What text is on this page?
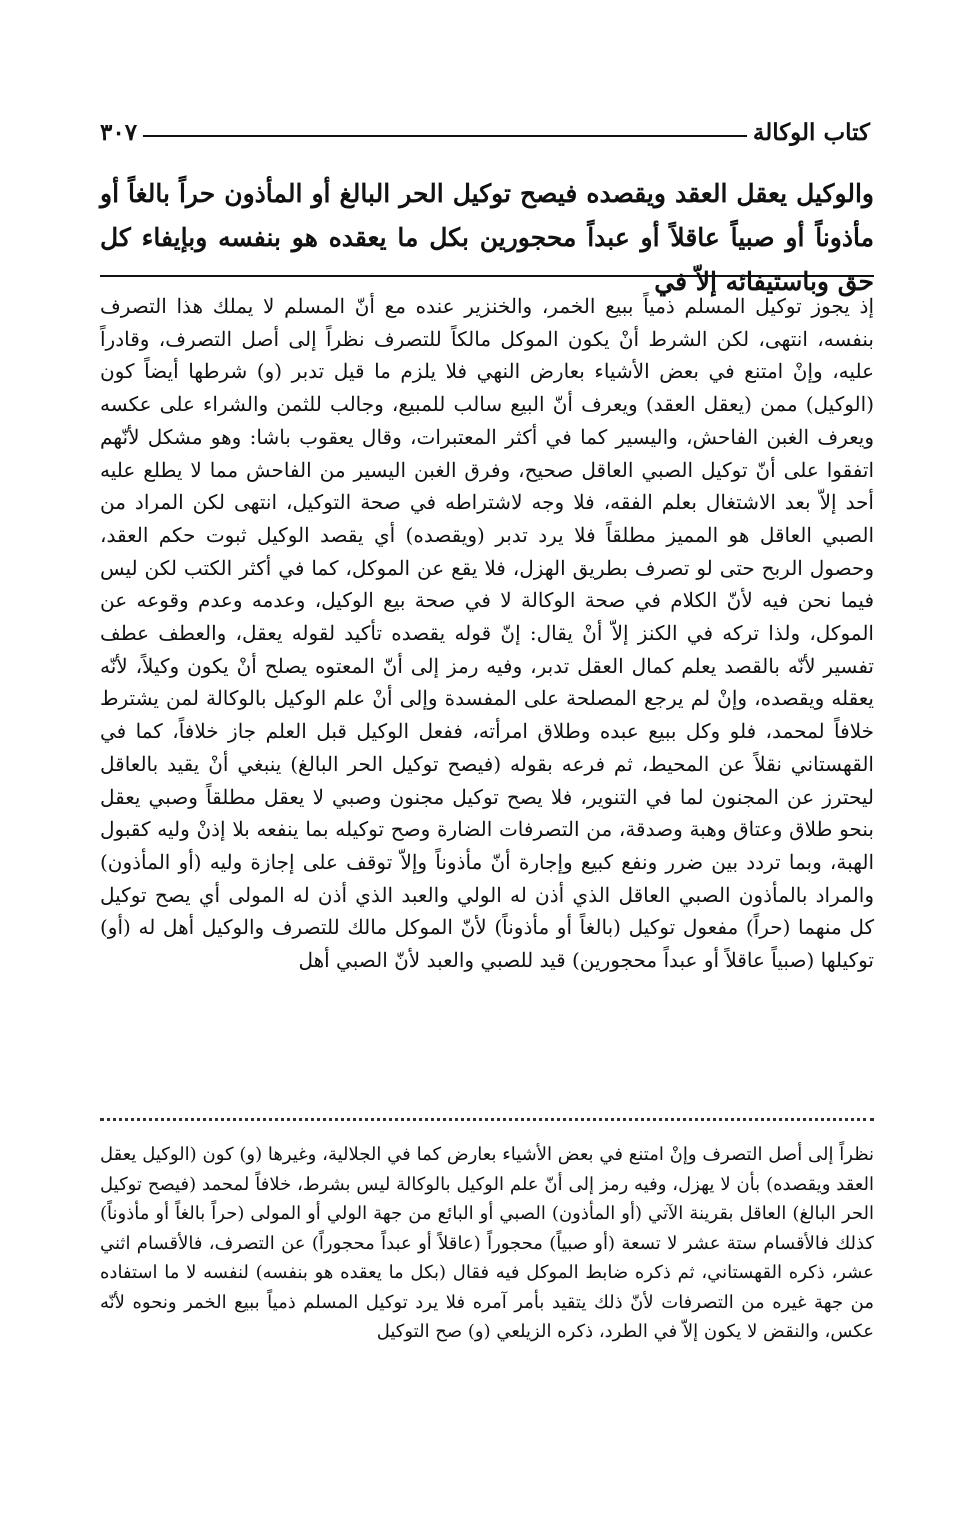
كتاب الوكالة
٣٠٧

والوكيل يعقل العقد ويقصده فيصح توكيل الحر البالغ أو المأذون حراً بالغاً أو مأذوناً أو صبياً عاقلاً أو عبداً محجورين بكل ما يعقده هو بنفسه وبإيفاء كل حق وباستيفائه إلاّ في

إذ يجوز توكيل المسلم ذمياً ببيع الخمر، والخنزير عنده مع أنّ المسلم لا يملك هذا التصرف بنفسه، انتهى، لكن الشرط أنْ يكون الموكل مالكاً للتصرف نظراً إلى أصل التصرف، وقادراً عليه، وإنْ امتنع في بعض الأشياء بعارض النهي فلا يلزم ما قيل تدبر (و) شرطها أيضاً كون (الوكيل) ممن (يعقل العقد) ويعرف أنّ البيع سالب للمبيع، وجالب للثمن والشراء على عكسه ويعرف الغبن الفاحش، واليسير كما في أكثر المعتبرات، وقال يعقوب باشا: وهو مشكل لأنّهم اتفقوا على أنّ توكيل الصبي العاقل صحيح، وفرق الغبن اليسير من الفاحش مما لا يطلع عليه أحد إلاّ بعد الاشتغال بعلم الفقه، فلا وجه لاشتراطه في صحة التوكيل، انتهى لكن المراد من الصبي العاقل هو المميز مطلقاً فلا يرد تدبر (ويقصده) أي يقصد الوكيل ثبوت حكم العقد، وحصول الربح حتى لو تصرف بطريق الهزل، فلا يقع عن الموكل، كما في أكثر الكتب لكن ليس فيما نحن فيه لأنّ الكلام في صحة الوكالة لا في صحة بيع الوكيل، وعدمه وعدم وقوعه عن الموكل، ولذا تركه في الكنز إلاّ أنْ يقال: إنّ قوله يقصده تأكيد لقوله يعقل، والعطف عطف تفسير لأنّه بالقصد يعلم كمال العقل تدبر، وفيه رمز إلى أنّ المعتوه يصلح أنْ يكون وكيلاً، لأنّه يعقله ويقصده، وإنْ لم يرجع المصلحة على المفسدة وإلى أنْ علم الوكيل بالوكالة لمن يشترط خلافاً لمحمد، فلو وكل ببيع عبده وطلاق امرأته، ففعل الوكيل قبل العلم جاز خلافاً، كما في القهستاني نقلاً عن المحيط، ثم فرعه بقوله (فيصح توكيل الحر البالغ) ينبغي أنْ يقيد بالعاقل ليحترز عن المجنون لما في التنوير، فلا يصح توكيل مجنون وصبي لا يعقل مطلقاً وصبي يعقل بنحو طلاق وعتاق وهبة وصدقة، من التصرفات الضارة وصح توكيله بما ينفعه بلا إذنْ وليه كقبول الهبة، وبما تردد بين ضرر ونفع كبيع وإجارة أنّ مأذوناً وإلاّ توقف على إجازة وليه (أو المأذون) والمراد بالمأذون الصبي العاقل الذي أذن له الولي والعبد الذي أذن له المولى أي يصح توكيل كل منهما (حراً) مفعول توكيل (بالغاً أو مأذوناً) لأنّ الموكل مالك للتصرف والوكيل أهل له (أو) توكيلها (صبياً عاقلاً أو عبداً محجورين) قيد للصبي والعبد لأنّ الصبي أهل

نظراً إلى أصل التصرف وإنْ امتنع في بعض الأشياء بعارض كما في الجلالية، وغيرها (و) كون (الوكيل يعقل العقد ويقصده) بأن لا يهزل، وفيه رمز إلى أنّ علم الوكيل بالوكالة ليس بشرط، خلافاً لمحمد (فيصح توكيل الحر البالغ) العاقل بقرينة الآتي (أو المأذون) الصبي أو البائع من جهة الولي أو المولى (حراً بالغاً أو مأذوناً) كذلك فالأقسام ستة عشر لا تسعة (أو صبياً) محجوراً (عاقلاً أو عبداً محجوراً) عن التصرف، فالأقسام اثني عشر، ذكره القهستاني، ثم ذكره ضابط الموكل فيه فقال (بكل ما يعقده هو بنفسه) لنفسه لا ما استفاده من جهة غيره من التصرفات لأنّ ذلك يتقيد بأمر آمره فلا يرد توكيل المسلم ذمياً ببيع الخمر ونحوه لأنّه عكس، والنقض لا يكون إلاّ في الطرد، ذكره الزيلعي (و) صح التوكيل
